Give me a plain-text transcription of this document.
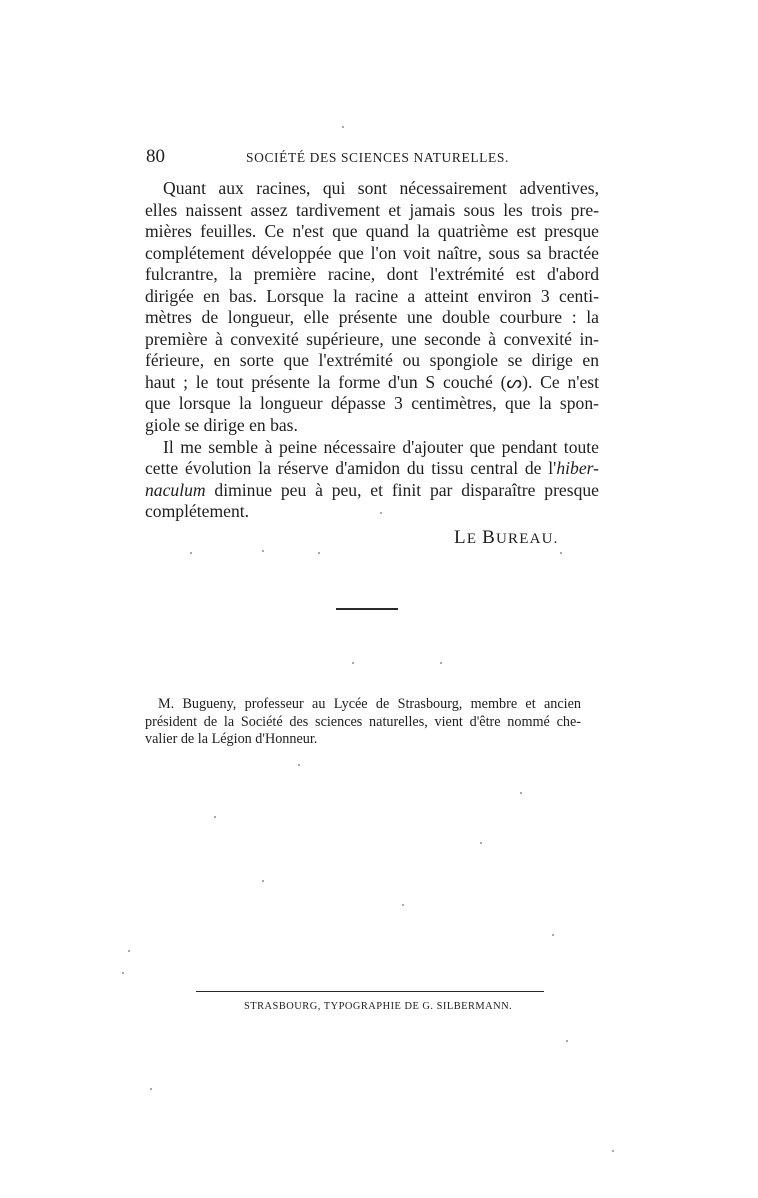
80	SOCIÉTÉ DES SCIENCES NATURELLES.
Quant aux racines, qui sont nécessairement adventives,
elles naissent assez tardivement et jamais sous les trois pre-
mières feuilles. Ce n'est que quand la quatrième est presque
complétement développée que l'on voit naître, sous sa bractée
fulcrantre, la première racine, dont l'extrémité est d'abord
dirigée en bas. Lorsque la racine a atteint environ 3 centi-
mètres de longueur, elle présente une double courbure : la
première à convexité supérieure, une seconde à convexité in-
férieure, en sorte que l'extrémité ou spongiole se dirige en
haut ; le tout présente la forme d'un S couché (ᔕ). Ce n'est
que lorsque la longueur dépasse 3 centimètres, que la spon-
giole se dirige en bas.
Il me semble à peine nécessaire d'ajouter que pendant toute
cette évolution la réserve d'amidon du tissu central de l'hiber-
naculum diminue peu à peu, et finit par disparaître presque
complétement.
LE BUREAU.
M. Bugueny, professeur au Lycée de Strasbourg, membre et ancien
président de la Société des sciences naturelles, vient d'être nommé che-
valier de la Légion d'Honneur.
STRASBOURG, TYPOGRAPHIE DE G. SILBERMANN.
